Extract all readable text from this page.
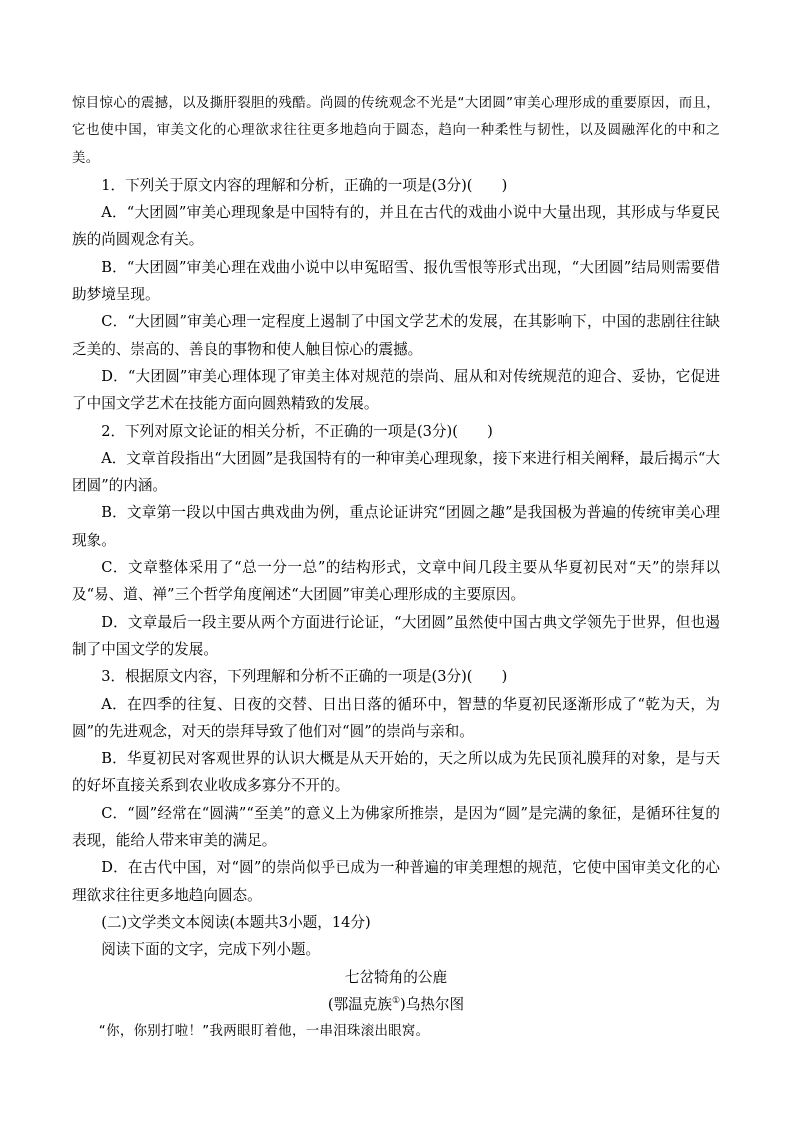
惊目惊心的震撼，以及撕肝裂胆的残酷。尚圆的传统观念不光是“大团圆”审美心理形成的重要原因，而且，它也使中国，审美文化的心理欲求往往更多地趋向于圆态，趋向一种柔性与韧性，以及圆融浑化的中和之美。

1．下列关于原文内容的理解和分析，正确的一项是(3分)(　　)

A．“大团圆”审美心理现象是中国特有的，并且在古代的戏曲小说中大量出现，其形成与华夏民族的尚圆观念有关。

B．“大团圆”审美心理在戏曲小说中以申冤昭雪、报仇雪恨等形式出现，“大团圆”结局则需要借助梦境呈现。

C．“大团圆”审美心理一定程度上遏制了中国文学艺术的发展，在其影响下，中国的悲剧往往缺乏美的、崇高的、善良的事物和使人触目惊心的震撼。

D．“大团圆”审美心理体现了审美主体对规范的崇尚、屈从和对传统规范的迎合、妥协，它促进了中国文学艺术在技能方面向圆熟精致的发展。

2．下列对原文论证的相关分析，不正确的一项是(3分)(　　)

A．文章首段指出“大团圆”是我国特有的一种审美心理现象，接下来进行相关阐释，最后揭示“大团圆”的内涵。

B．文章第一段以中国古典戏曲为例，重点论证讲究“团圆之趣”是我国极为普遍的传统审美心理现象。

C．文章整体采用了“总一分一总”的结构形式，文章中间几段主要从华夏初民对“天”的崇拜以及“易、道、禅”三个哲学角度阐述“大团圆”审美心理形成的主要原因。

D．文章最后一段主要从两个方面进行论证，“大团圆”虽然使中国古典文学领先于世界，但也遏制了中国文学的发展。

3．根据原文内容，下列理解和分析不正确的一项是(3分)(　　)

A．在四季的往复、日夜的交替、日出日落的循环中，智慧的华夏初民逐渐形成了“乾为天，为圆”的先进观念，对天的崇拜导致了他们对“圆”的崇尚与亲和。

B．华夏初民对客观世界的认识大概是从天开始的，天之所以成为先民顶礼膜拜的对象，是与天的好坏直接关系到农业收成多寡分不开的。

C．“圆”经常在“圆满”“至美”的意义上为佛家所推崇，是因为“圆”是完满的象征，是循环往复的表现，能给人带来审美的满足。

D．在古代中国，对“圆”的崇尚似乎已成为一种普遍的审美理想的规范，它使中国审美文化的心理欲求往往更多地趋向圆态。

(二)文学类文本阅读(本题共3小题，14分)

阅读下面的文字，完成下列小题。

七岔犄角的公鹿

(鄂温克族①)乌热尔图

“你，你别打啦！”我两眼盯着他，一串泪珠滚出眼窝。
